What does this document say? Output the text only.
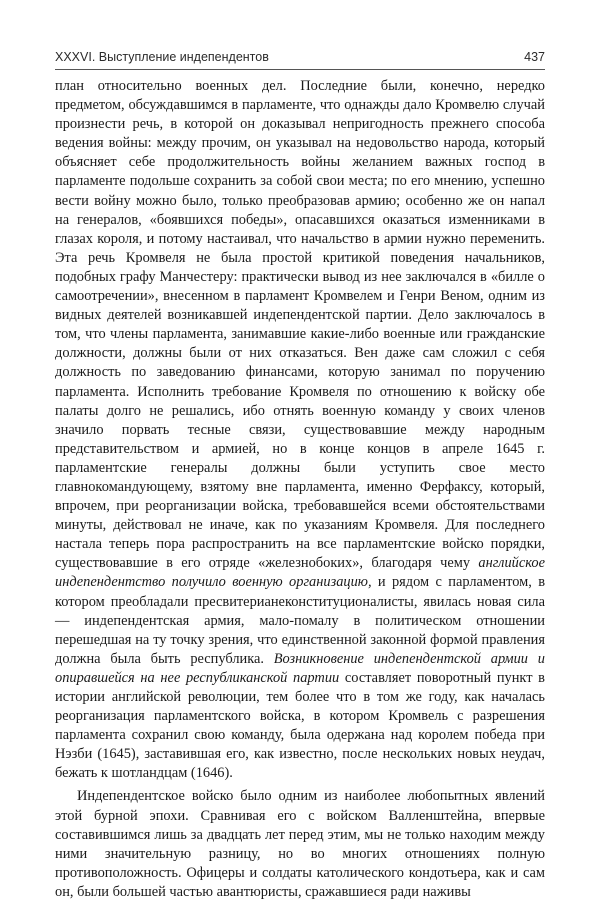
XXXVI. Выступление индепендентов	437

план относительно военных дел. Последние были, конечно, нередко предметом, обсуждавшимся в парламенте, что однажды дало Кромвелю случай произнести речь, в которой он доказывал непригодность прежнего способа ведения войны: между прочим, он указывал на недовольство народа, который объясняет себе продолжительность войны желанием важных господ в парламенте подольше сохранить за собой свои места; по его мнению, успешно вести войну можно было, только преобразовав армию; особенно же он напал на генералов, «боявшихся победы», опасавшихся оказаться изменниками в глазах короля, и потому настаивал, что начальство в армии нужно переменить. Эта речь Кромвеля не была простой критикой поведения начальников, подобных графу Манчестеру: практически вывод из нее заключался в «билле о самоотречении», внесенном в парламент Кромвелем и Генри Веном, одним из видных деятелей возникавшей индепендентской партии. Дело заключалось в том, что члены парламента, занимавшие какие-либо военные или гражданские должности, должны были от них отказаться. Вен даже сам сложил с себя должность по заведованию финансами, которую занимал по поручению парламента. Исполнить требование Кромвеля по отношению к войску обе палаты долго не решались, ибо отнять военную команду у своих членов значило порвать тесные связи, существовавшие между народным представительством и армией, но в конце концов в апреле 1645 г. парламентские генералы должны были уступить свое место главнокомандующему, взятому вне парламента, именно Ферфаксу, который, впрочем, при реорганизации войска, требовавшейся всеми обстоятельствами минуты, действовал не иначе, как по указаниям Кромвеля. Для последнего настала теперь пора распространить на все парламентские войско порядки, существовавшие в его отряде «железнобоких», благодаря чему английское индепендентство получило военную организацию, и рядом с парламентом, в котором преобладали пресвитерианеконституционалисты, явилась новая сила — индепендентская армия, мало-помалу в политическом отношении перешедшая на ту точку зрения, что единственной законной формой правления должна была быть республика. Возникновение индепендентской армии и опиравшейся на нее республиканской партии составляет поворотный пункт в истории английской революции, тем более что в том же году, как началась реорганизация парламентского войска, в котором Кромвель с разрешения парламента сохранил свою команду, была одержана над королем победа при Нэзби (1645), заставившая его, как известно, после нескольких новых неудач, бежать к шотландцам (1646).

Индепендентское войско было одним из наиболее любопытных явлений этой бурной эпохи. Сравнивая его с войском Валленштейна, впервые составившимся лишь за двадцать лет перед этим, мы не только находим между ними значительную разницу, но во многих отношениях полную противоположность. Офицеры и солдаты католического кондотьера, как и сам он, были большей частью авантюристы, сражавшиеся ради наживы
